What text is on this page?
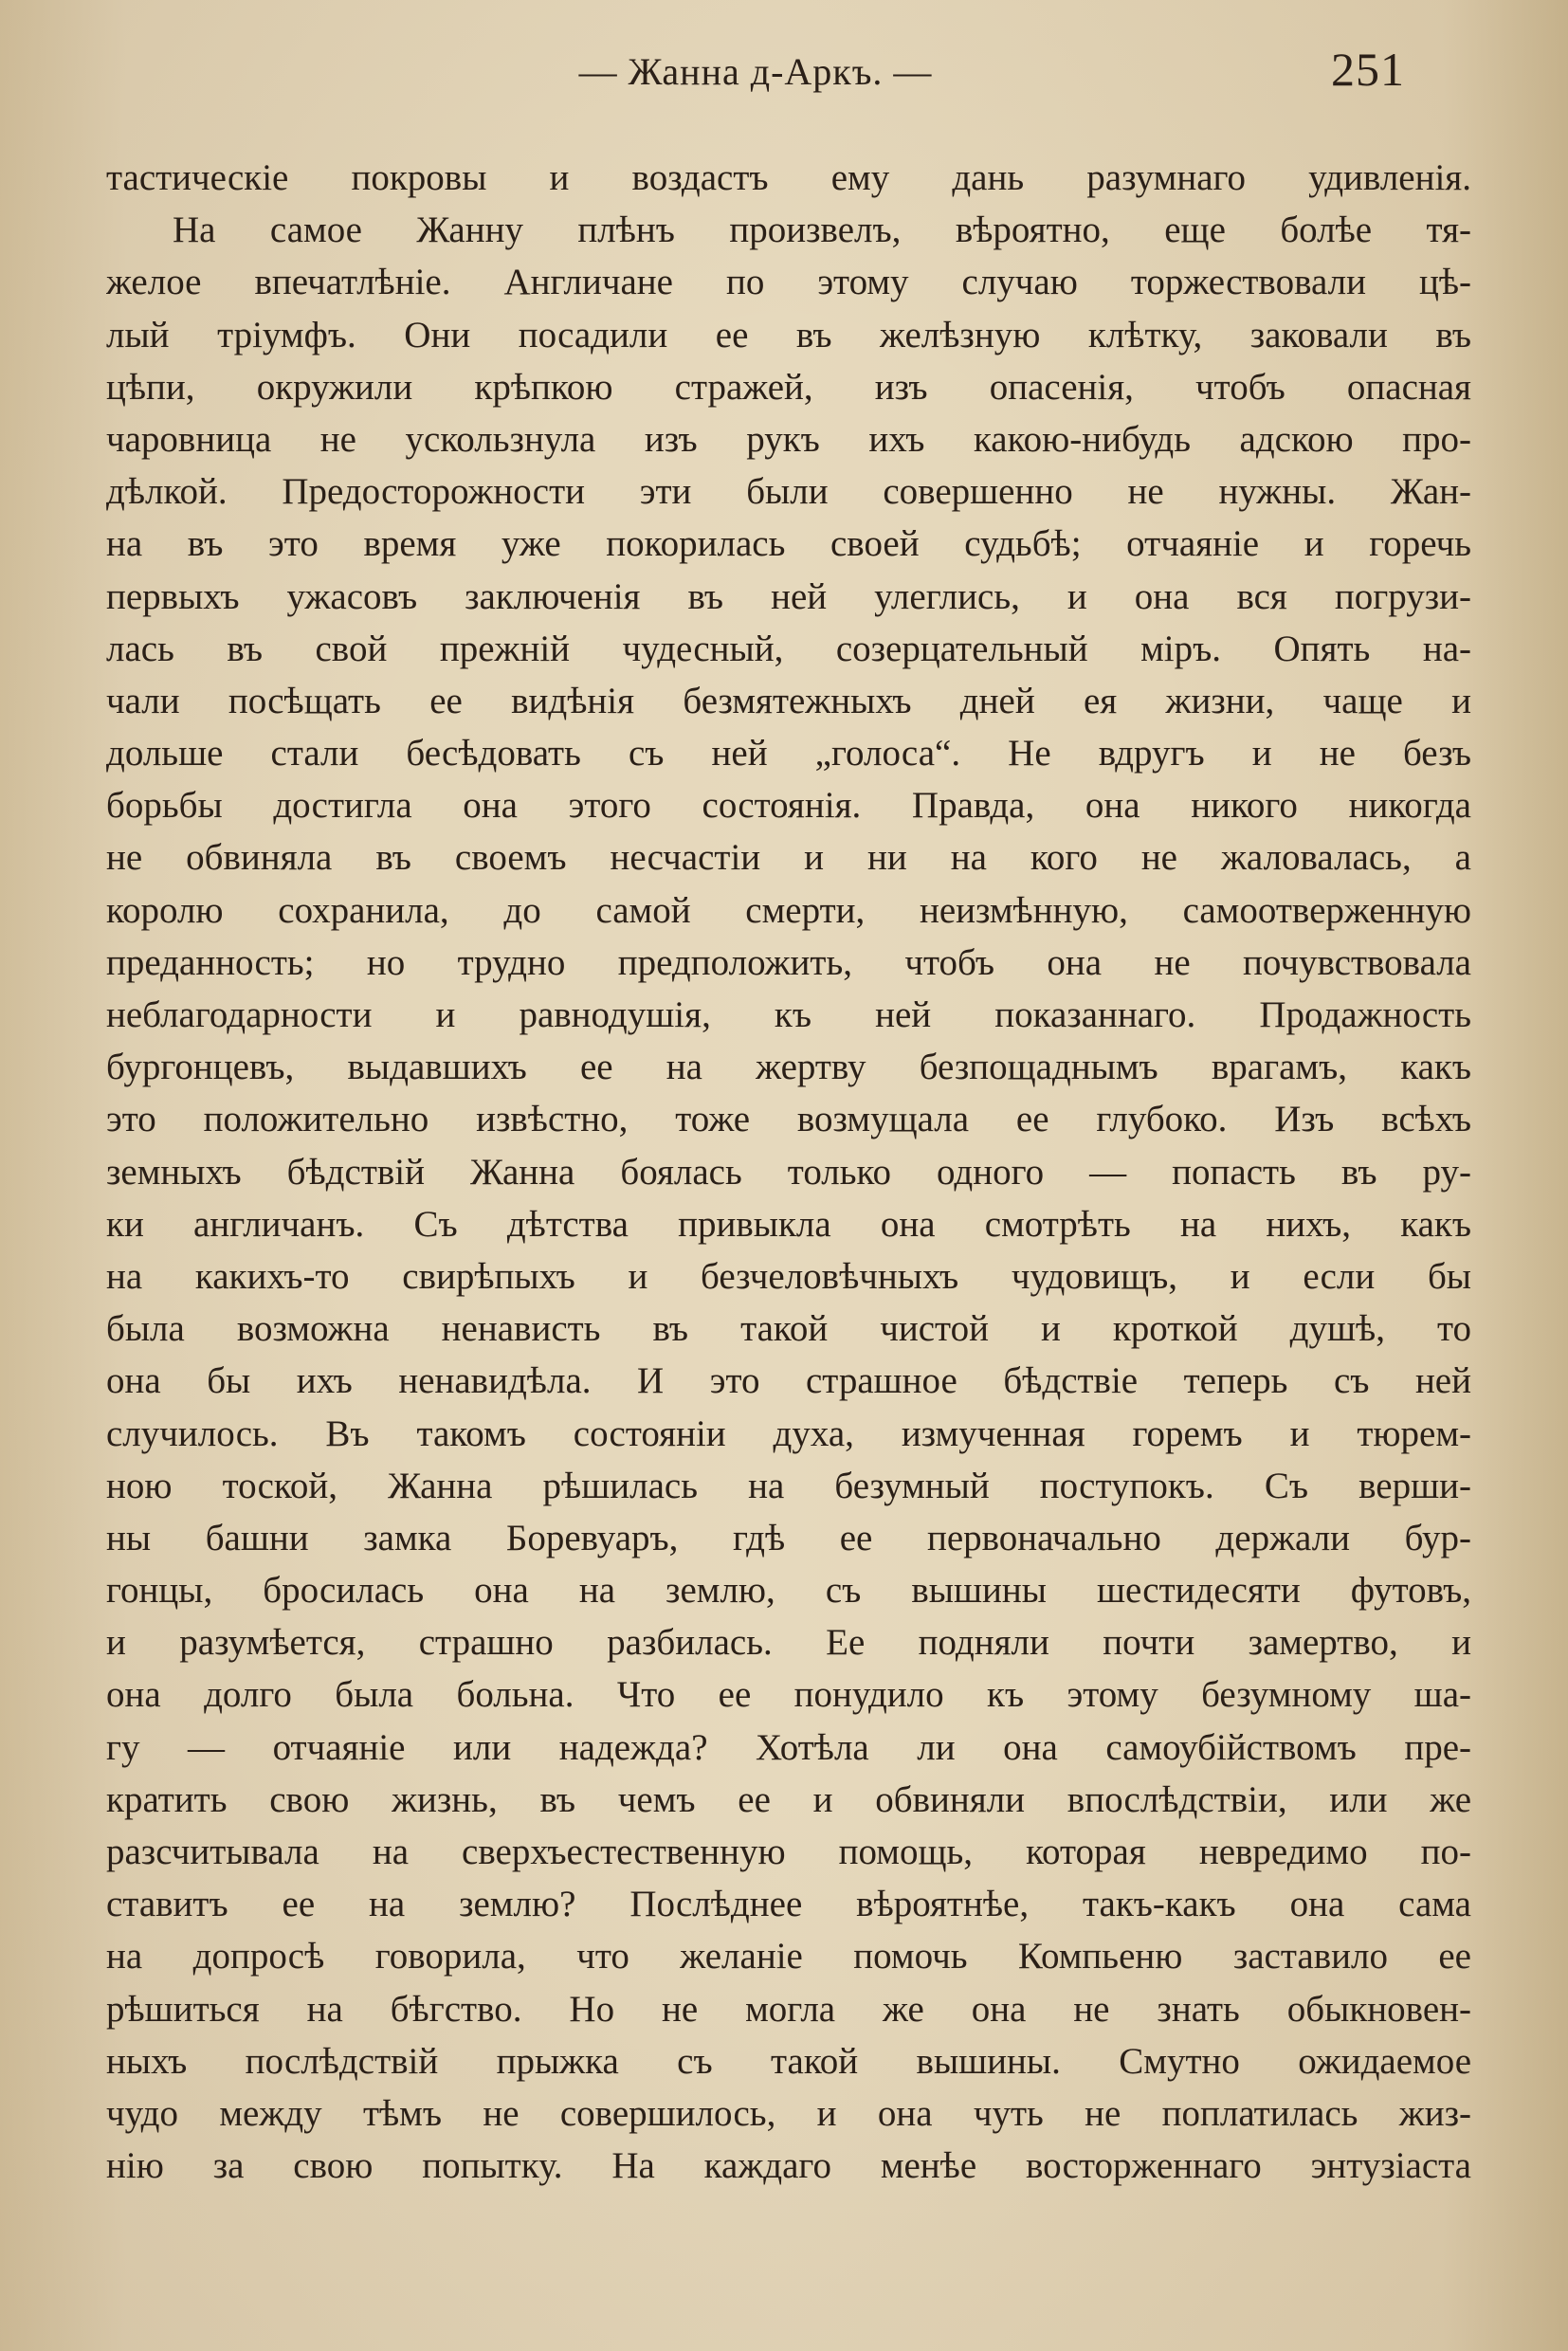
— Жанна д-Аркъ. —	251
тастическіе покровы и воздастъ ему дань разумнаго удивленія.
На самое Жанну плѣнъ произвелъ, вѣроятно, еще болѣе тя-
желое впечатлѣніе. Англичане по этому случаю торжествовали цѣ-
лый тріумфъ. Они посадили ее въ желѣзную клѣтку, заковали въ
цѣпи, окружили крѣпкою стражей, изъ опасенія, чтобъ опасная
чаровница не ускользнула изъ рукъ ихъ какою-нибудь адскою про-
дѣлкой. Предосторожности эти были совершенно не нужны. Жан-
на въ это время уже покорилась своей судьбѣ; отчаяніе и горечь
первыхъ ужасовъ заключенія въ ней улеглись, и она вся погрузи-
лась въ свой прежній чудесный, созерцательный міръ. Опять на-
чали посѣщать ее видѣнія безмятежныхъ дней ея жизни, чаще и
дольше стали бесѣдовать съ ней „голоса“. Не вдругъ и не безъ
борьбы достигла она этого состоянія. Правда, она никого никогда
не обвиняла въ своемъ несчастіи и ни на кого не жаловалась, а
королю сохранила, до самой смерти, неизмѣнную, самоотверженную
преданность; но трудно предположить, чтобъ она не почувствовала
неблагодарности и равнодушія, къ ней показаннаго. Продажность
бургонцевъ, выдавшихъ ее на жертву безпощаднымъ врагамъ, какъ
это положительно извѣстно, тоже возмущала ее глубоко. Изъ всѣхъ
земныхъ бѣдствій Жанна боялась только одного — попасть въ ру-
ки англичанъ. Съ дѣтства привыкла она смотрѣть на нихъ, какъ
на какихъ-то свирѣпыхъ и безчеловѣчныхъ чудовищъ, и если бы
была возможна ненависть въ такой чистой и кроткой душѣ, то
она бы ихъ ненавидѣла. И это страшное бѣдствіе теперь съ ней
случилось. Въ такомъ состояніи духа, измученная горемъ и тюрем-
ною тоской, Жанна рѣшилась на безумный поступокъ. Съ верши-
ны башни замка Боревуаръ, гдѣ ее первоначально держали бур-
гонцы, бросилась она на землю, съ вышины шестидесяти футовъ,
и разумѣется, страшно разбилась. Ее подняли почти замертво, и
она долго была больна. Что ее понудило къ этому безумному ша-
гу — отчаяніе или надежда? Хотѣла ли она самоубійствомъ пре-
кратить свою жизнь, въ чемъ ее и обвиняли впослѣдствіи, или же
разсчитывала на сверхъестественную помощь, которая невредимо по-
ставитъ ее на землю? Послѣднее вѣроятнѣе, такъ-какъ она сама
на допросѣ говорила, что желаніе помочь Компьеню заставило ее
рѣшиться на бѣгство. Но не могла же она не знать обыкновен-
ныхъ послѣдствій прыжка съ такой вышины. Смутно ожидаемое
чудо между тѣмъ не совершилось, и она чуть не поплатилась жиз-
нію за свою попытку. На каждаго менѣе восторженнаго энтузіаста
